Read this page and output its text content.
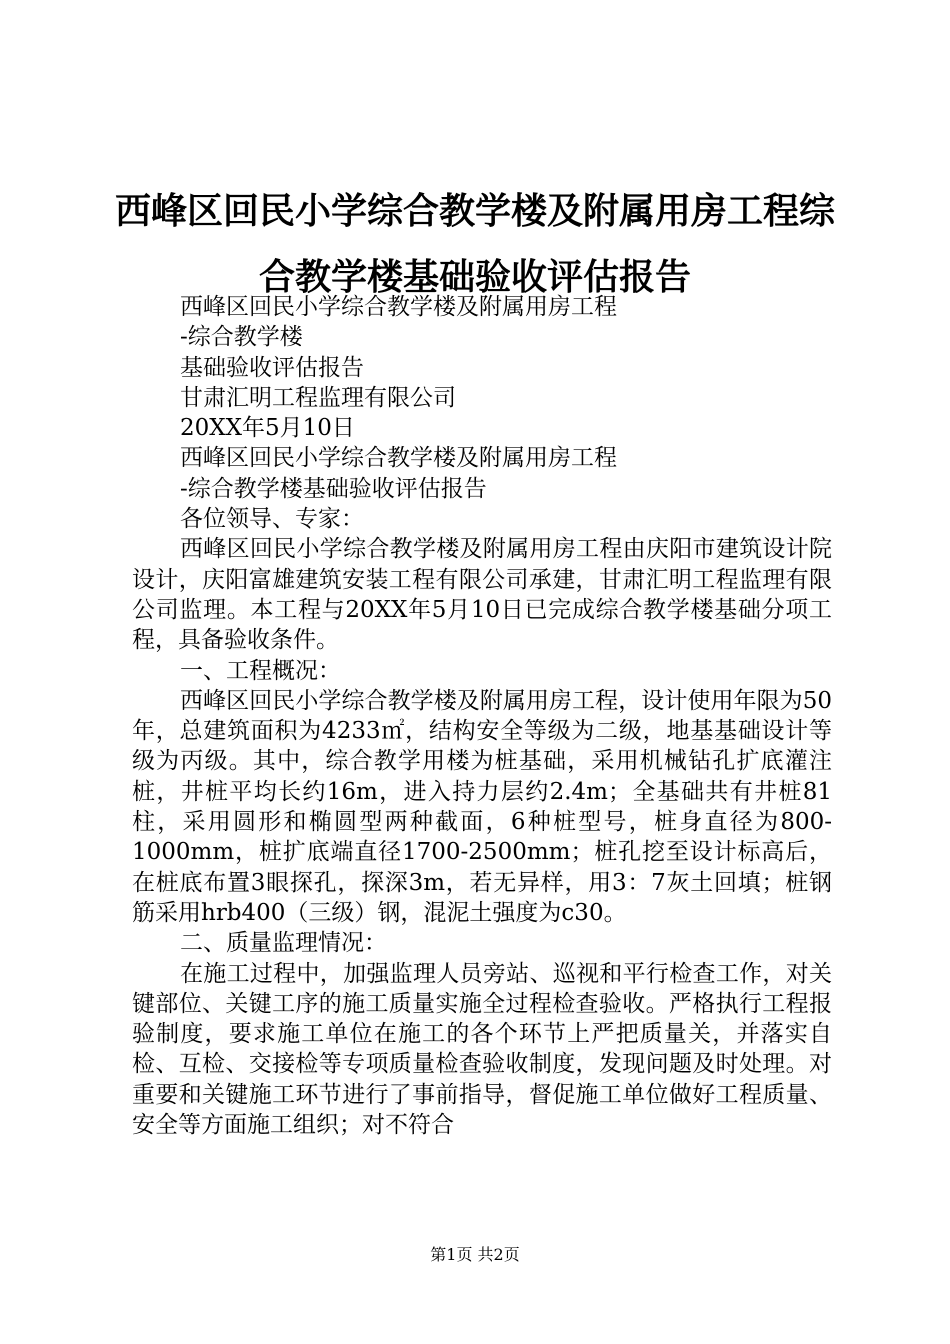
西峰区回民小学综合教学楼及附属用房工程综
合教学楼基础验收评估报告

西峰区回民小学综合教学楼及附属用房工程

-综合教学楼

基础验收评估报告

甘肃汇明工程监理有限公司

20XX年5月10日

西峰区回民小学综合教学楼及附属用房工程

-综合教学楼基础验收评估报告

各位领导、专家：

西峰区回民小学综合教学楼及附属用房工程由庆阳市建筑设计院设计，庆阳富雄建筑安装工程有限公司承建，甘肃汇明工程监理有限公司监理。本工程与20XX年5月10日已完成综合教学楼基础分项工程，具备验收条件。

一、工程概况：

西峰区回民小学综合教学楼及附属用房工程，设计使用年限为50年，总建筑面积为4233㎡，结构安全等级为二级，地基基础设计等级为丙级。其中，综合教学用楼为桩基础，采用机械钻孔扩底灌注桩，井桩平均长约16m，进入持力层约2.4m；全基础共有井桩81柱，采用圆形和椭圆型两种截面，6种桩型号，桩身直径为800-1000mm，桩扩底端直径1700-2500mm；桩孔挖至设计标高后，在桩底布置3眼探孔，探深3m，若无异样，用3：7灰土回填；桩钢筋采用hrb400（三级）钢，混泥土强度为c30。

二、质量监理情况：

在施工过程中，加强监理人员旁站、巡视和平行检查工作，对关键部位、关键工序的施工质量实施全过程检查验收。严格执行工程报验制度，要求施工单位在施工的各个环节上严把质量关，并落实自检、互检、交接检等专项质量检查验收制度，发现问题及时处理。对重要和关键施工环节进行了事前指导，督促施工单位做好工程质量、安全等方面施工组织；对不符合

第1页 共2页
